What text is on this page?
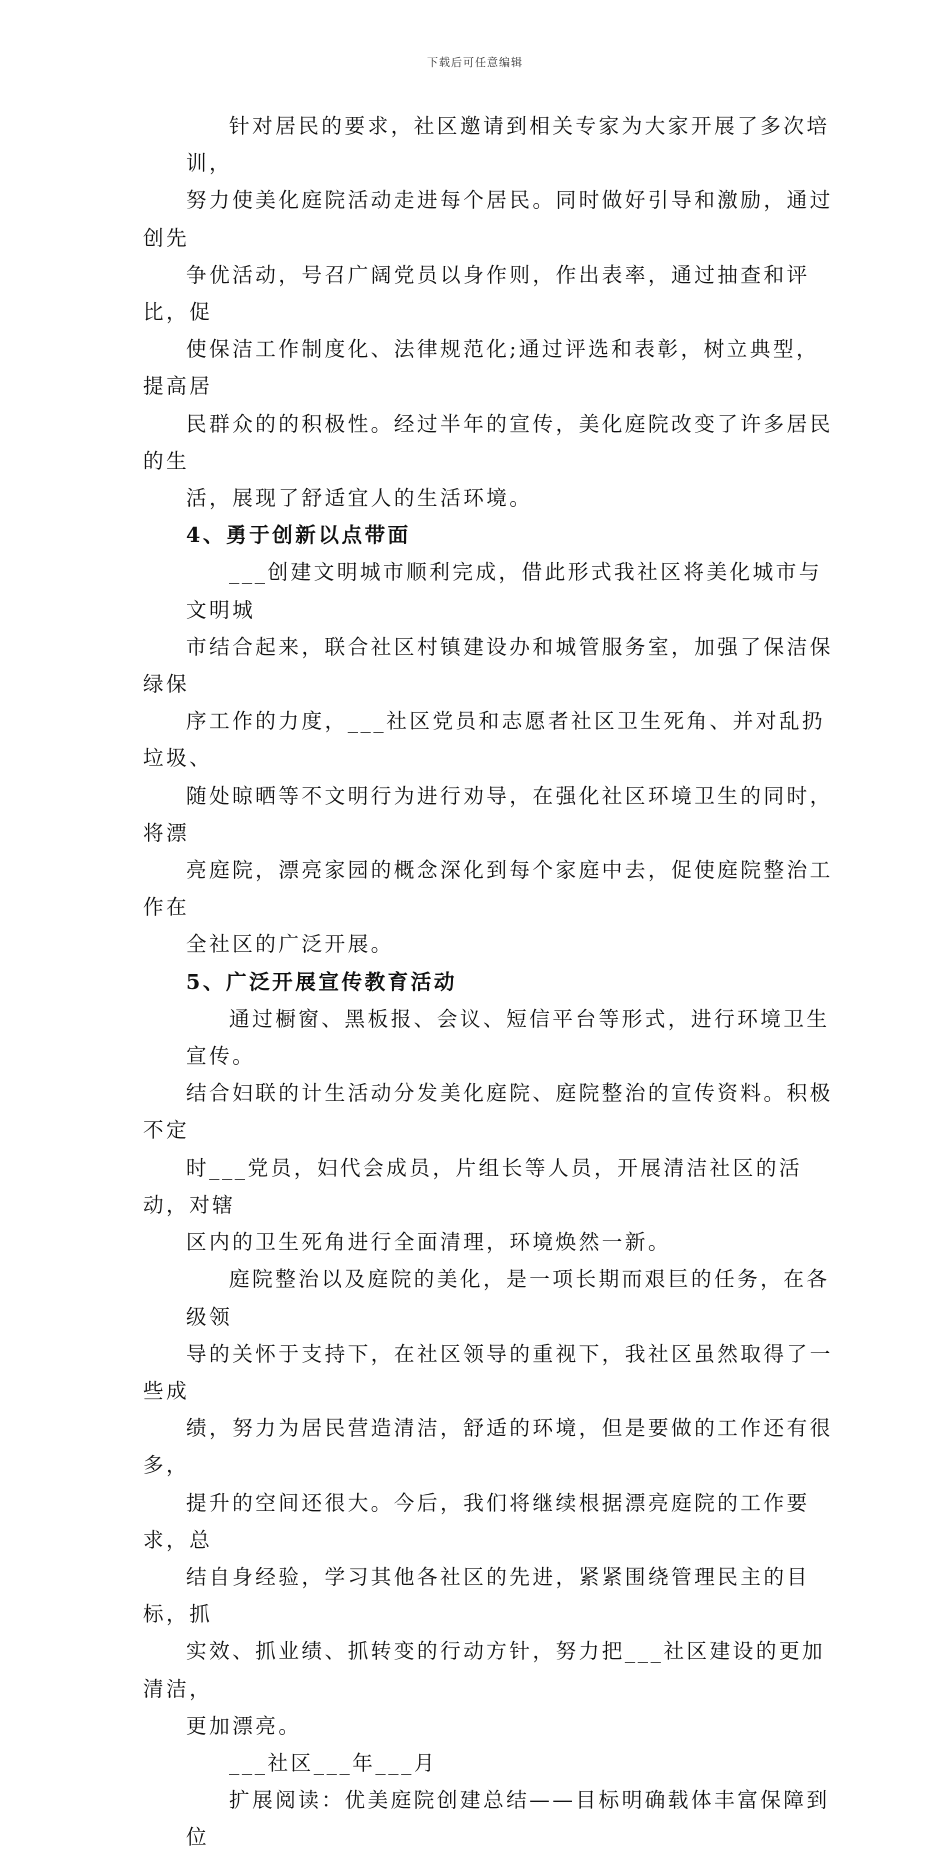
下载后可任意编辑
针对居民的要求，社区邀请到相关专家为大家开展了多次培训，
努力使美化庭院活动走进每个居民。同时做好引导和激励，通过创先
争优活动，号召广阔党员以身作则，作出表率，通过抽查和评比，促
使保洁工作制度化、法律规范化;通过评选和表彰，树立典型，提高居
民群众的的积极性。经过半年的宣传，美化庭院改变了许多居民的生
活，展现了舒适宜人的生活环境。
4、勇于创新以点带面
___创建文明城市顺利完成，借此形式我社区将美化城市与文明城
市结合起来，联合社区村镇建设办和城管服务室，加强了保洁保绿保
序工作的力度，___社区党员和志愿者社区卫生死角、并对乱扔垃圾、
随处晾晒等不文明行为进行劝导，在强化社区环境卫生的同时，将漂
亮庭院，漂亮家园的概念深化到每个家庭中去，促使庭院整治工作在
全社区的广泛开展。
5、广泛开展宣传教育活动
通过橱窗、黑板报、会议、短信平台等形式，进行环境卫生宣传。
结合妇联的计生活动分发美化庭院、庭院整治的宣传资料。积极不定
时___党员，妇代会成员，片组长等人员，开展清洁社区的活动，对辖
区内的卫生死角进行全面清理，环境焕然一新。
庭院整治以及庭院的美化，是一项长期而艰巨的任务，在各级领
导的关怀于支持下，在社区领导的重视下，我社区虽然取得了一些成
绩，努力为居民营造清洁，舒适的环境，但是要做的工作还有很多，
提升的空间还很大。今后，我们将继续根据漂亮庭院的工作要求，总
结自身经验，学习其他各社区的先进，紧紧围绕管理民主的目标，抓
实效、抓业绩、抓转变的行动方针，努力把___社区建设的更加清洁，
更加漂亮。
___社区___年___月
扩展阅读：优美庭院创建总结——目标明确载体丰富保障到位
